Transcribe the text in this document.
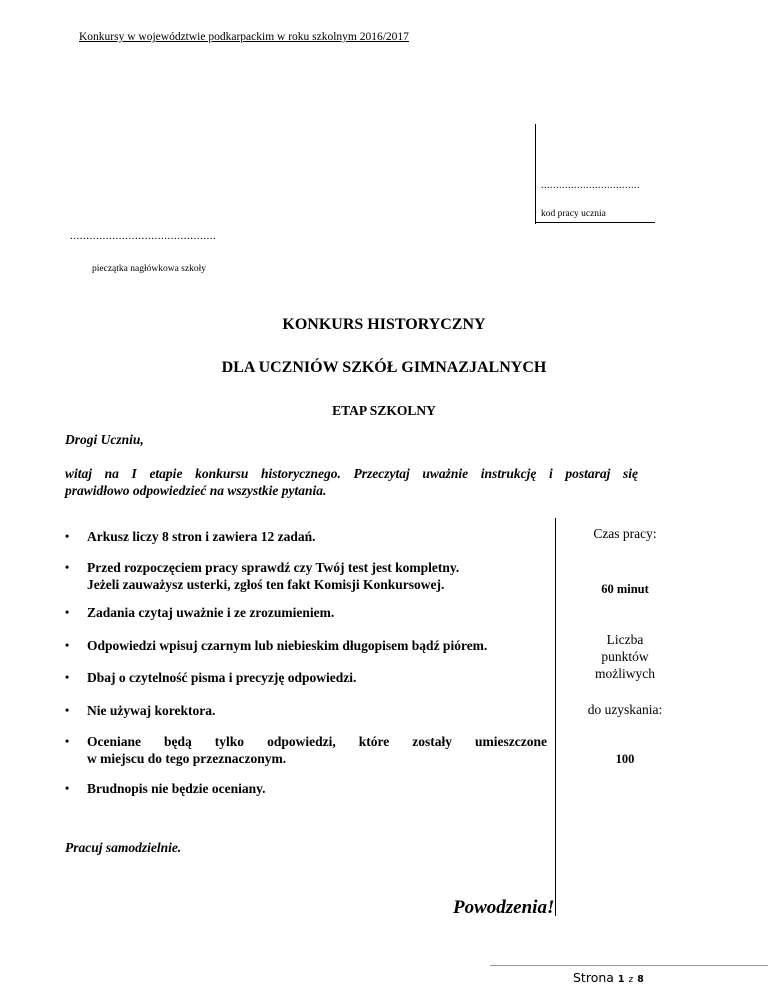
Konkursy w województwie podkarpackim w roku szkolnym 2016/2017
.................................
kod pracy ucznia
.............................................
pieczątka nagłówkowa szkoły
KONKURS HISTORYCZNY
DLA UCZNIÓW SZKÓŁ GIMNAZJALNYCH
ETAP SZKOLNY
Drogi Uczniu,
witaj na I etapie konkursu historycznego. Przeczytaj uważnie instrukcję i postaraj się
prawidłowo odpowiedzieć na wszystkie pytania.
• Arkusz liczy 8 stron i zawiera 12 zadań.
• Przed rozpoczęciem pracy sprawdź czy Twój test jest kompletny.
Jeżeli zauważysz usterki, zgłoś ten fakt Komisji Konkursowej.
• Zadania czytaj uważnie i ze zrozumieniem.
• Odpowiedzi wpisuj czarnym lub niebieskim długopisem bądź piórem.
• Dbaj o czytelność pisma i precyzję odpowiedzi.
• Nie używaj korektora.
• Oceniane będą tylko odpowiedzi, które zostały umieszczone
w miejscu do tego przeznaczonym.
• Brudnopis nie będzie oceniany.
Czas pracy:
60 minut
Liczba
punktów
możliwych
do uzyskania:
100
Pracuj samodzielnie.
Powodzenia!
Strona 1 z 8
